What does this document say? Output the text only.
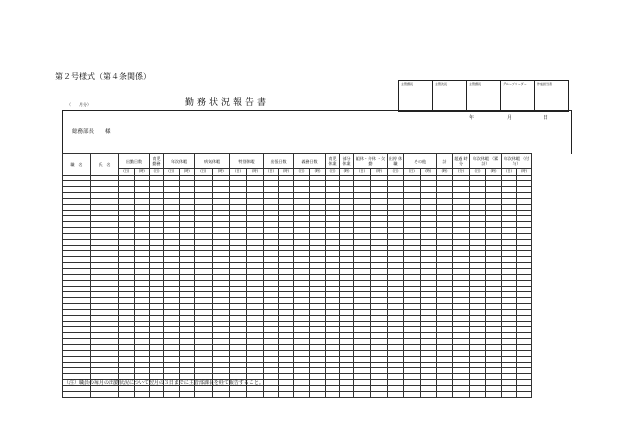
第２号様式（第４条関係）
主管課長	主管次長	主管課長	グループリーダー	作成担当者
勤務状況報告書
（　　月分）
年	月	日
総務部長　　様
職　名	氏　名	出勤日数		育児 勤務	年次休暇		病気休暇		特別休暇		出張日数		義務日数		育児 休業	部分 休業	組休・介休 ・欠勤		出停 休職	その他		計	超過 時分	年次休暇 （累計）		年次休暇 （付与）	
		(日)	(時)	(日)	(日)	(時)	(日)	(時)	(日)	(時)	(日)	(時)	(日)	(時)	(日)	(時)	(日)	(時)	(日)	(日)	(時)	(時)	(分)	(日)	(時)	(日)	(時)

（注）職員の毎月の出勤状況について翌月の３日までに主管部課長を経て報告すること。
